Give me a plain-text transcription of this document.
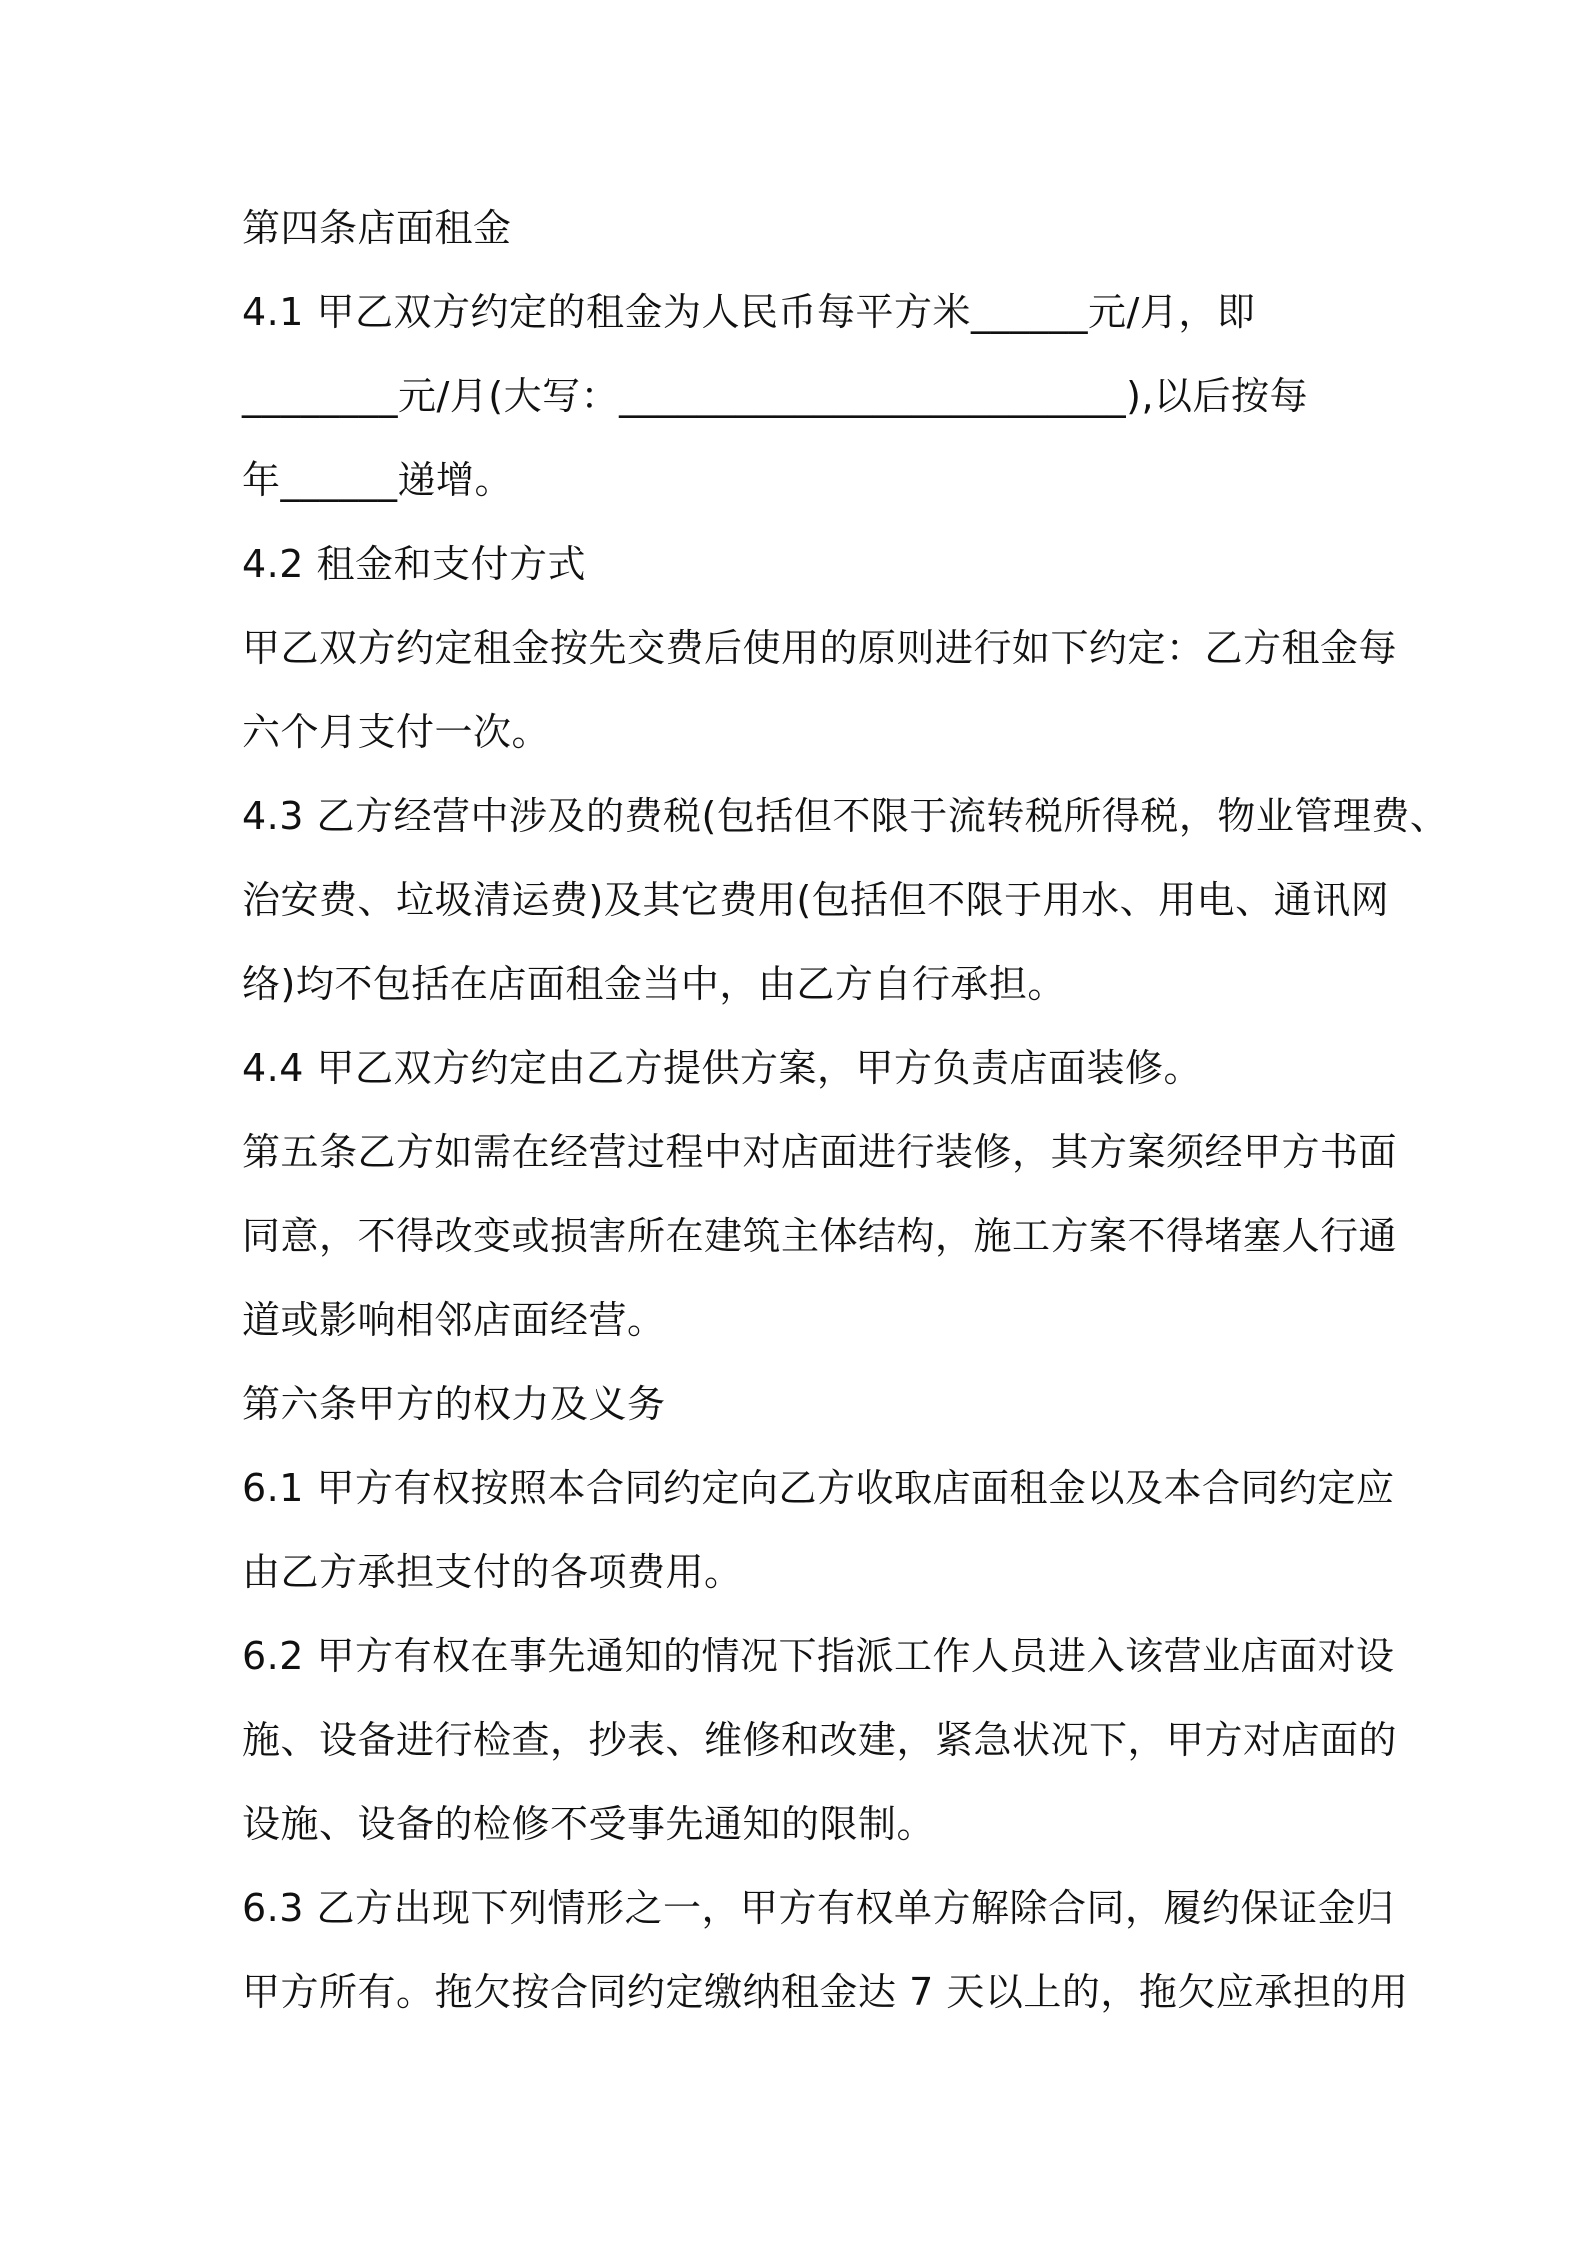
第四条店面租金

4.1 甲乙双方约定的租金为人民币每平方米______元/月，即

________元/月(大写：__________________________),以后按每

年______递增。

4.2 租金和支付方式

甲乙双方约定租金按先交费后使用的原则进行如下约定：乙方租金每

六个月支付一次。

4.3 乙方经营中涉及的费税(包括但不限于流转税所得税，物业管理费、

治安费、垃圾清运费)及其它费用(包括但不限于用水、用电、通讯网

络)均不包括在店面租金当中，由乙方自行承担。

4.4 甲乙双方约定由乙方提供方案，甲方负责店面装修。

第五条乙方如需在经营过程中对店面进行装修，其方案须经甲方书面

同意，不得改变或损害所在建筑主体结构，施工方案不得堵塞人行通

道或影响相邻店面经营。

第六条甲方的权力及义务

6.1 甲方有权按照本合同约定向乙方收取店面租金以及本合同约定应

由乙方承担支付的各项费用。

6.2 甲方有权在事先通知的情况下指派工作人员进入该营业店面对设

施、设备进行检查，抄表、维修和改建，紧急状况下，甲方对店面的

设施、设备的检修不受事先通知的限制。

6.3 乙方出现下列情形之一，甲方有权单方解除合同，履约保证金归

甲方所有。拖欠按合同约定缴纳租金达 7 天以上的，拖欠应承担的用
